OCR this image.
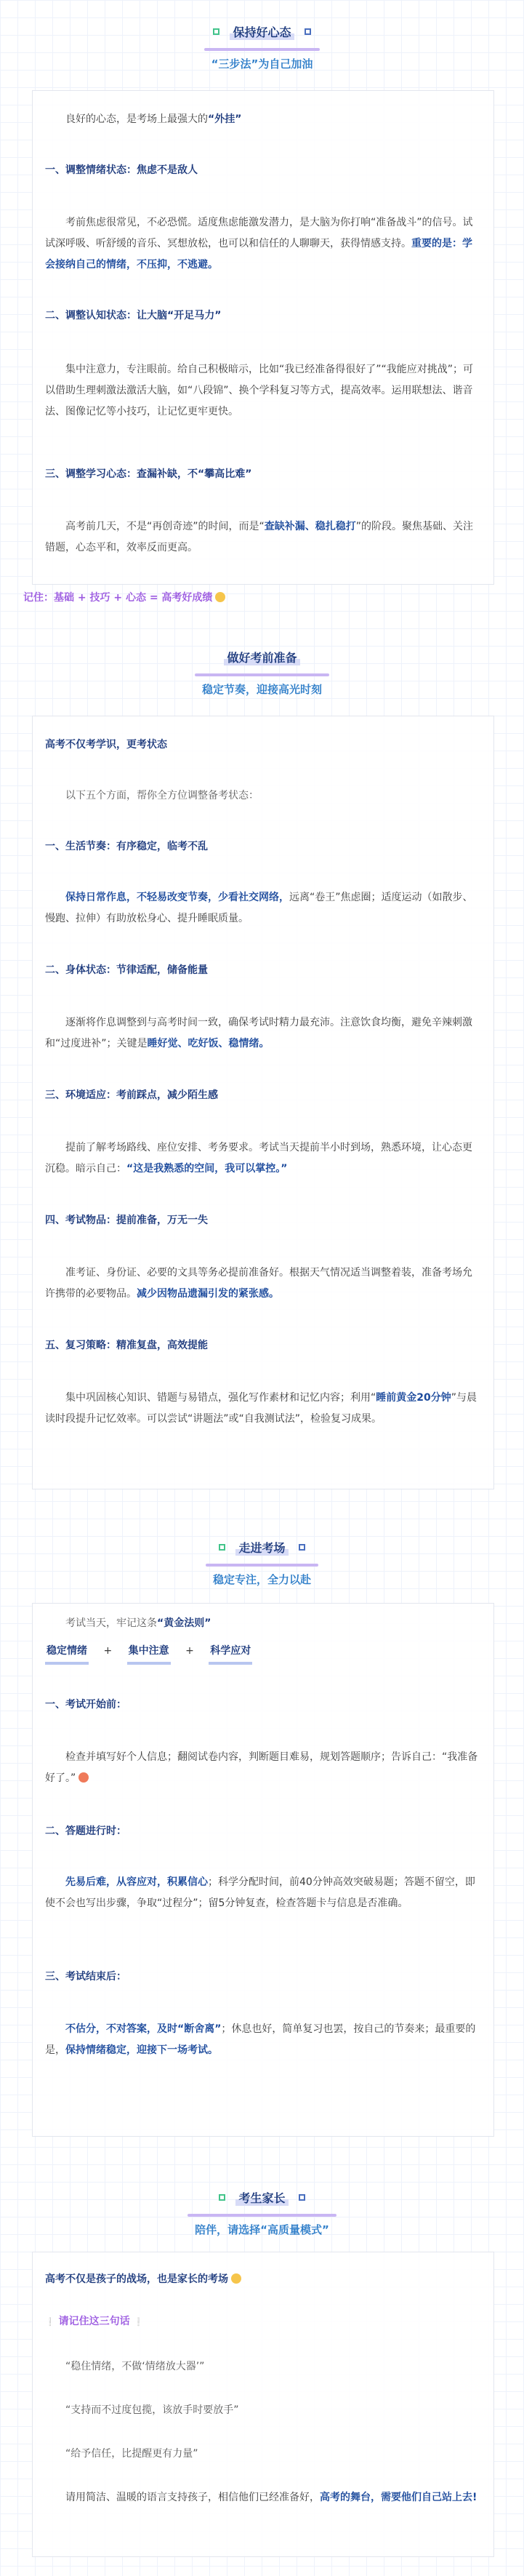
保持好心态
“三步法”为自己加油

良好的心态，是考场上最强大的“外挂”

一、调整情绪状态：焦虑不是敌人

考前焦虑很常见，不必恐慌。适度焦虑能激发潜力，是大脑为你打响“准备战斗”的信号。试试深呼吸、听舒缓的音乐、冥想放松，也可以和信任的人聊聊天，获得情感支持。重要的是：学会接纳自己的情绪，不压抑，不逃避。

二、调整认知状态：让大脑“开足马力”

集中注意力，专注眼前。给自己积极暗示，比如“我已经准备得很好了”“我能应对挑战”；可以借助生理刺激法激活大脑，如“八段锦”、换个学科复习等方式，提高效率。运用联想法、谐音法、图像记忆等小技巧，让记忆更牢更快。

三、调整学习心态：查漏补缺，不“攀高比难”

高考前几天，不是“再创奇迹”的时间，而是“查缺补漏、稳扎稳打”的阶段。聚焦基础、关注错题，心态平和，效率反而更高。

记住：基础 + 技巧 + 心态 = 高考好成绩

做好考前准备
稳定节奏，迎接高光时刻

高考不仅考学识，更考状态

以下五个方面，帮你全方位调整备考状态：

一、生活节奏：有序稳定，临考不乱

保持日常作息，不轻易改变节奏，少看社交网络，远离“卷王”焦虑圈；适度运动（如散步、慢跑、拉伸）有助放松身心、提升睡眠质量。

二、身体状态：节律适配，储备能量

逐渐将作息调整到与高考时间一致，确保考试时精力最充沛。注意饮食均衡，避免辛辣刺激和“过度进补”；关键是睡好觉、吃好饭、稳情绪。

三、环境适应：考前踩点，减少陌生感

提前了解考场路线、座位安排、考务要求。考试当天提前半小时到场，熟悉环境，让心态更沉稳。暗示自己：“这是我熟悉的空间，我可以掌控。”

四、考试物品：提前准备，万无一失

准考证、身份证、必要的文具等务必提前准备好。根据天气情况适当调整着装，准备考场允许携带的必要物品。减少因物品遗漏引发的紧张感。

五、复习策略：精准复盘，高效提能

集中巩固核心知识、错题与易错点，强化写作素材和记忆内容；利用“睡前黄金20分钟”与晨读时段提升记忆效率。可以尝试“讲题法”或“自我测试法”，检验复习成果。

走进考场
稳定专注，全力以赴

考试当天，牢记这条“黄金法则”

稳定情绪 + 集中注意 + 科学应对

一、考试开始前：

检查并填写好个人信息；翻阅试卷内容，判断题目难易，规划答题顺序；告诉自己：“我准备好了。”

二、答题进行时：

先易后难，从容应对，积累信心；科学分配时间，前40分钟高效突破易题；答题不留空，即使不会也写出步骤，争取“过程分”；留5分钟复查，检查答题卡与信息是否准确。

三、考试结束后：

不估分，不对答案，及时“断舍离”；休息也好，简单复习也罢，按自己的节奏来；最重要的是，保持情绪稳定，迎接下一场考试。

考生家长
陪伴，请选择“高质量模式”

高考不仅是孩子的战场，也是家长的考场

❕ 请记住这三句话 ❕

“稳住情绪，不做‘情绪放大器’”

“支持而不过度包揽，该放手时要放手”

“给予信任，比提醒更有力量”

请用简洁、温暖的语言支持孩子，相信他们已经准备好，高考的舞台，需要他们自己站上去!
